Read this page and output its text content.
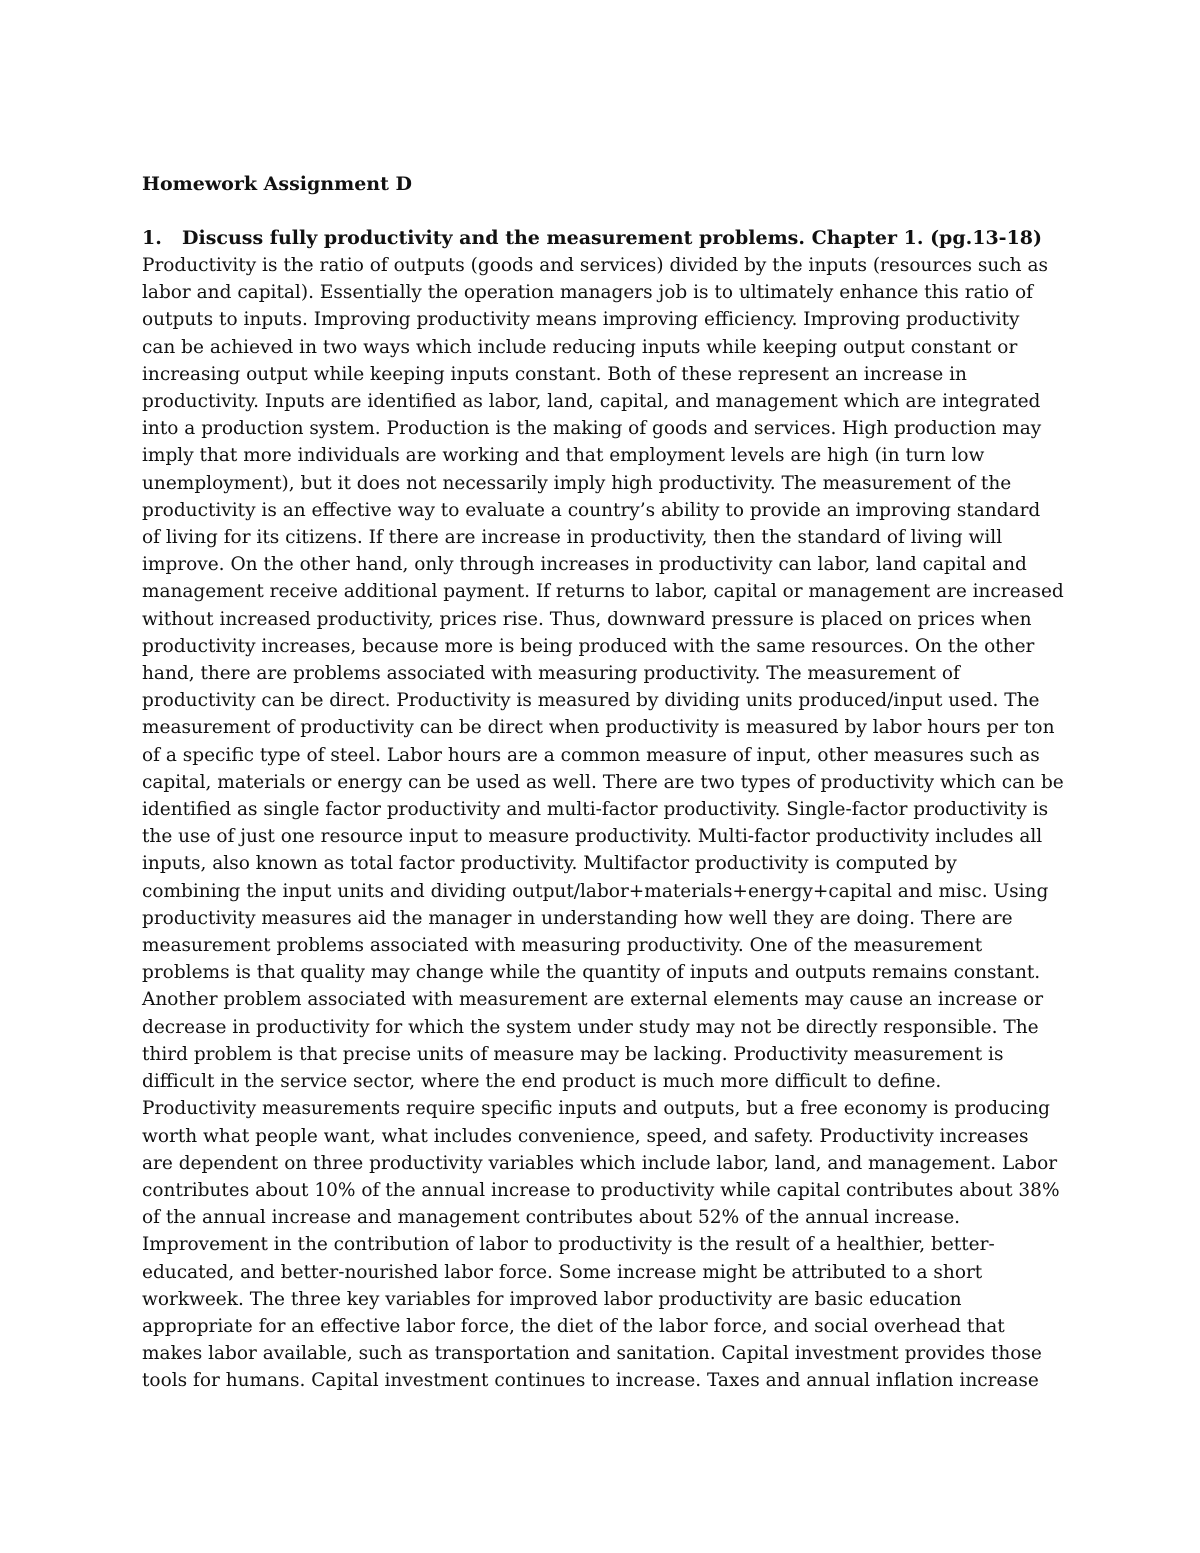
Homework Assignment D

1. Discuss fully productivity and the measurement problems. Chapter 1. (pg.13-18)

Productivity is the ratio of outputs (goods and services) divided by the inputs (resources such as
labor and capital). Essentially the operation managers job is to ultimately enhance this ratio of
outputs to inputs. Improving productivity means improving efficiency. Improving productivity
can be achieved in two ways which include reducing inputs while keeping output constant or
increasing output while keeping inputs constant. Both of these represent an increase in
productivity. Inputs are identified as labor, land, capital, and management which are integrated
into a production system. Production is the making of goods and services. High production may
imply that more individuals are working and that employment levels are high (in turn low
unemployment), but it does not necessarily imply high productivity. The measurement of the
productivity is an effective way to evaluate a country’s ability to provide an improving standard
of living for its citizens. If there are increase in productivity, then the standard of living will
improve. On the other hand, only through increases in productivity can labor, land capital and
management receive additional payment. If returns to labor, capital or management are increased
without increased productivity, prices rise. Thus, downward pressure is placed on prices when
productivity increases, because more is being produced with the same resources. On the other
hand, there are problems associated with measuring productivity. The measurement of
productivity can be direct. Productivity is measured by dividing units produced/input used. The
measurement of productivity can be direct when productivity is measured by labor hours per ton
of a specific type of steel. Labor hours are a common measure of input, other measures such as
capital, materials or energy can be used as well. There are two types of productivity which can be
identified as single factor productivity and multi-factor productivity. Single-factor productivity is
the use of just one resource input to measure productivity. Multi-factor productivity includes all
inputs, also known as total factor productivity. Multifactor productivity is computed by
combining the input units and dividing output/labor+materials+energy+capital and misc. Using
productivity measures aid the manager in understanding how well they are doing. There are
measurement problems associated with measuring productivity. One of the measurement
problems is that quality may change while the quantity of inputs and outputs remains constant.
Another problem associated with measurement are external elements may cause an increase or
decrease in productivity for which the system under study may not be directly responsible. The
third problem is that precise units of measure may be lacking. Productivity measurement is
difficult in the service sector, where the end product is much more difficult to define.
Productivity measurements require specific inputs and outputs, but a free economy is producing
worth what people want, what includes convenience, speed, and safety. Productivity increases
are dependent on three productivity variables which include labor, land, and management. Labor
contributes about 10% of the annual increase to productivity while capital contributes about 38%
of the annual increase and management contributes about 52% of the annual increase.
Improvement in the contribution of labor to productivity is the result of a healthier, better-
educated, and better-nourished labor force. Some increase might be attributed to a short
workweek. The three key variables for improved labor productivity are basic education
appropriate for an effective labor force, the diet of the labor force, and social overhead that
makes labor available, such as transportation and sanitation. Capital investment provides those
tools for humans. Capital investment continues to increase. Taxes and annual inflation increase
